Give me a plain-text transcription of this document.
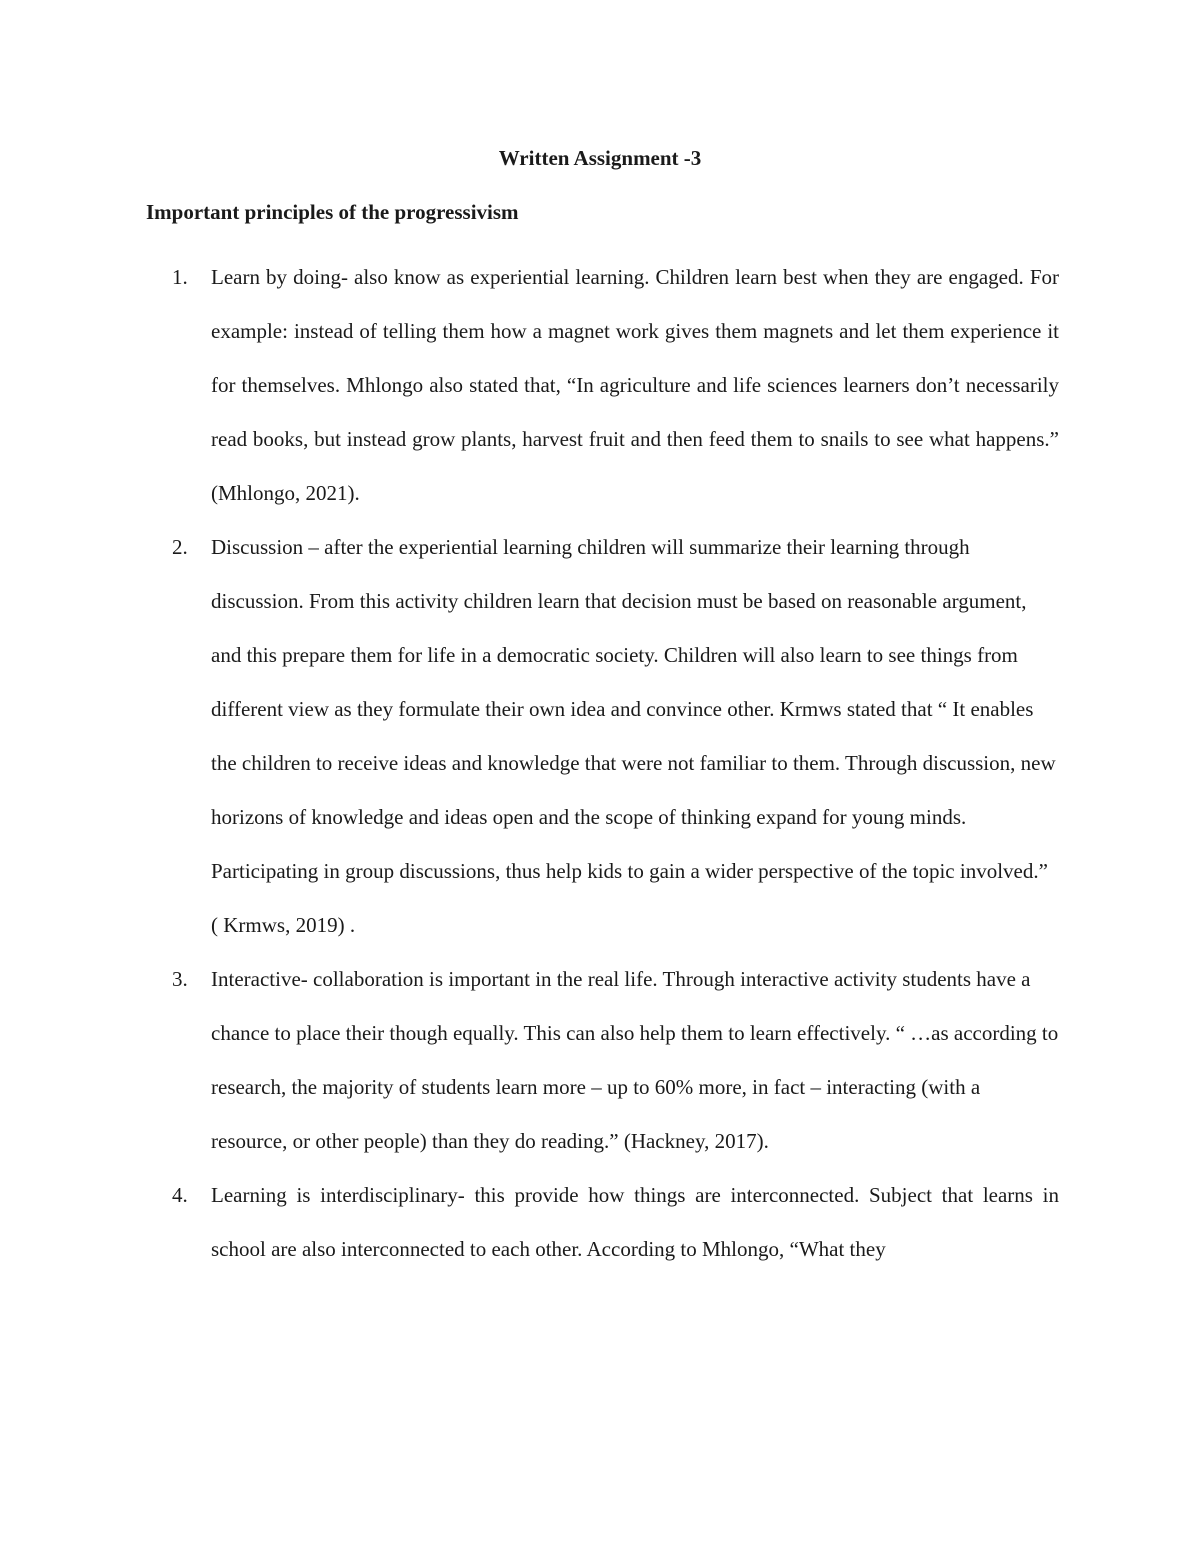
Written Assignment -3
Important principles of the progressivism
1. Learn by doing- also know as experiential learning. Children learn best when they are engaged. For example: instead of telling them how a magnet work gives them magnets and let them experience it for themselves. Mhlongo also stated that, “In agriculture and life sciences learners don’t necessarily read books, but instead grow plants, harvest fruit and then feed them to snails to see what happens.” (Mhlongo, 2021).
2. Discussion – after the experiential learning children will summarize their learning through discussion. From this activity children learn that decision must be based on reasonable argument, and this prepare them for life in a democratic society. Children will also learn to see things from different view as they formulate their own idea and convince other. Krmws stated that “ It enables the children to receive ideas and knowledge that were not familiar to them. Through discussion, new horizons of knowledge and ideas open and the scope of thinking expand for young minds. Participating in group discussions, thus help kids to gain a wider perspective of the topic involved.” ( Krmws, 2019) .
3. Interactive- collaboration is important in the real life. Through interactive activity students have a chance to place their though equally. This can also help them to learn effectively. “ …as according to research, the majority of students learn more – up to 60% more, in fact – interacting (with a resource, or other people) than they do reading.” (Hackney, 2017).
4. Learning is interdisciplinary- this provide how things are interconnected. Subject that learns in school are also interconnected to each other. According to Mhlongo, “What they
